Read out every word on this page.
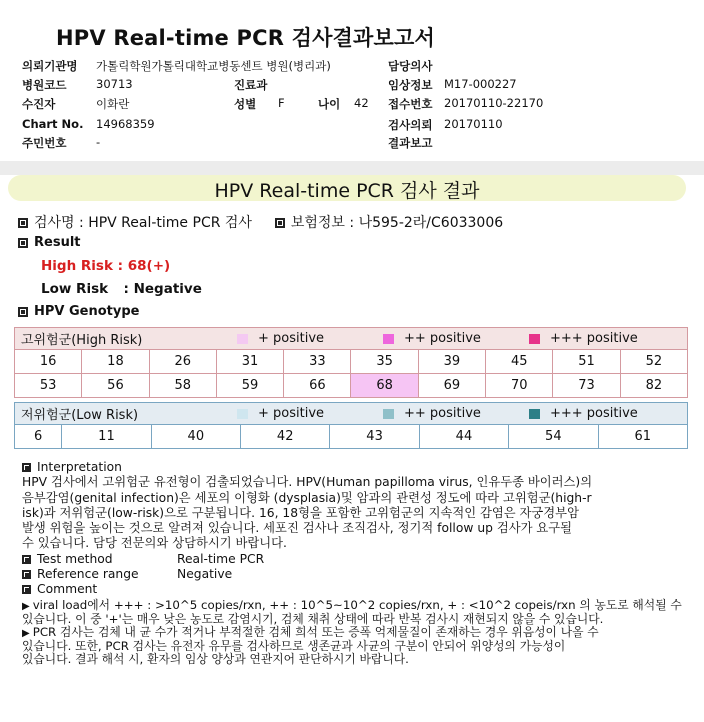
HPV Real-time PCR 검사결과보고서
의뢰기관명 가톨릭학원가톨릭대학교병동센트 병원(병리과)	담당의사
병원코드	30713	진료과	임상정보 M17-000227
수진자	이화란	성별 F	나이 42 접수번호 20170110-22170
Chart No. 14968359	검사의뢰 20170110
주민번호	-	결과보고
HPV Real-time PCR 검사 결과
검사명 : HPV Real-time PCR 검사	보험정보 : 나595-2라/C6033006
Result
High Risk : 68(+)
Low Risk : Negative
HPV Genotype
고위험군(High Risk) + positive ++ positive +++ positive									

16	18	26	31	33	35	39	45	51	52
53	56	58	59	66	68	69	70	73	82
저위험군(Low Risk)	+ positive	++ positive	+++ positive

6	11	40	42	43	44	54	61
Interpretation
HPV 검사에서 고위험군 유전형이 검출되었습니다. HPV(Human papilloma virus, 인유두종 바이러스)의
음부감염(genital infection)은 세포의 이형화 (dysplasia)및 암과의 관련성 정도에 따라 고위험군(high-r
isk)과 저위험군(low-risk)으로 구분됩니다. 16, 18형을 포함한 고위험군의 지속적인 감염은 자궁경부암
발생 위험을 높이는 것으로 알려져 있습니다. 세포진 검사나 조직검사, 정기적 follow up 검사가 요구될
수 있습니다. 담당 전문의와 상담하시기 바랍니다.
Test method	Real-time PCR
Reference range	Negative
Comment
▶ viral load에서 +++ : >10^5 copies/rxn, ++ : 10^5~10^2 copies/rxn, + : <10^2 copeis/rxn 의 농도로 해석될 수
있습니다. 이 중 '+'는 매우 낮은 농도로 감염시기, 검체 채취 상태에 따라 반복 검사시 재현되지 않을 수 있습니다.
▶ PCR 검사는 검체 내 균 수가 적거나 부적절한 검체 희석 또는 증폭 억제물질이 존재하는 경우 위음성이 나올 수
있습니다. 또한, PCR 검사는 유전자 유무를 검사하므로 생존균과 사균의 구분이 안되어 위양성의 가능성이
있습니다. 결과 해석 시, 환자의 임상 양상과 연관지어 판단하시기 바랍니다.
